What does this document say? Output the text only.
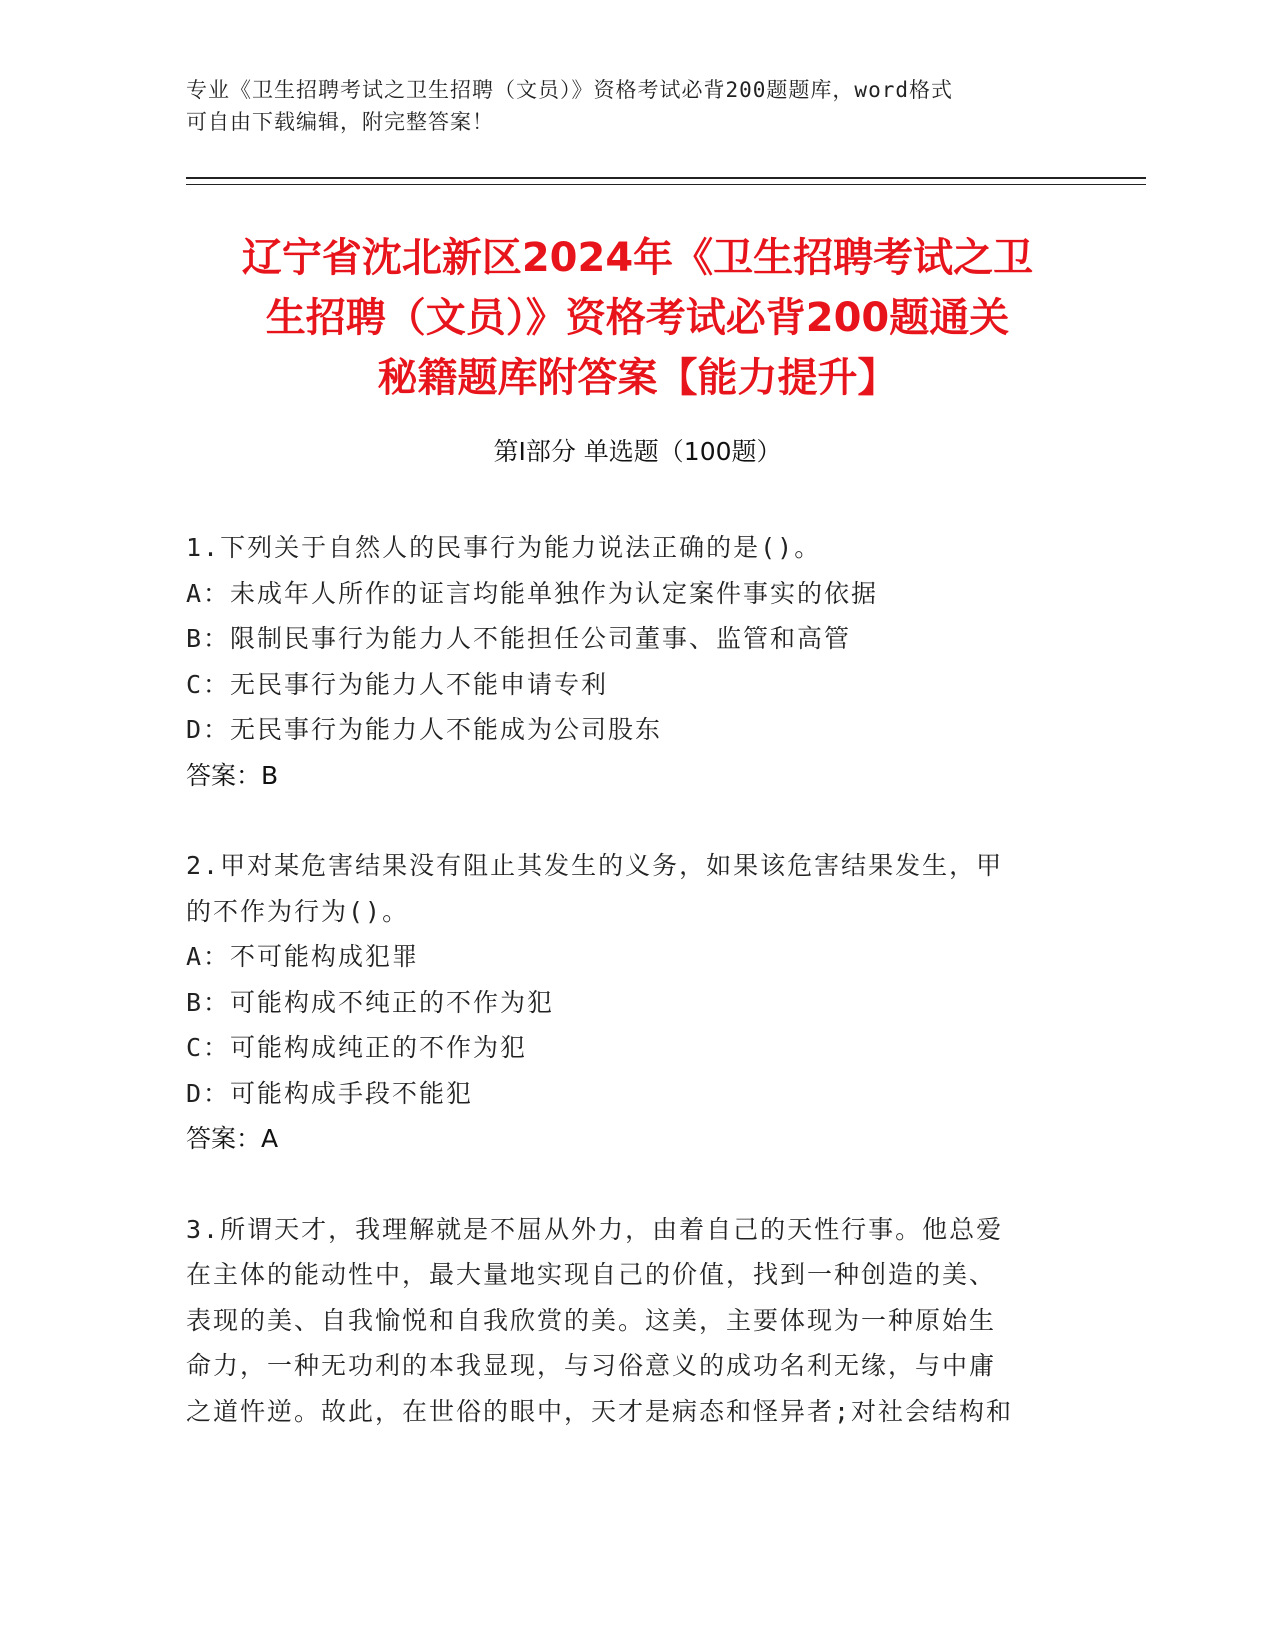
专业《卫生招聘考试之卫生招聘（文员）》资格考试必背200题题库，word格式
可自由下载编辑，附完整答案！
辽宁省沈北新区2024年《卫生招聘考试之卫
生招聘（文员）》资格考试必背200题通关
秘籍题库附答案【能力提升】
第I部分 单选题（100题）
1.下列关于自然人的民事行为能力说法正确的是()。
A：未成年人所作的证言均能单独作为认定案件事实的依据
B：限制民事行为能力人不能担任公司董事、监管和高管
C：无民事行为能力人不能申请专利
D：无民事行为能力人不能成为公司股东
答案：B
2.甲对某危害结果没有阻止其发生的义务，如果该危害结果发生，甲
的不作为行为()。
A：不可能构成犯罪
B：可能构成不纯正的不作为犯
C：可能构成纯正的不作为犯
D：可能构成手段不能犯
答案：A
3.所谓天才，我理解就是不屈从外力，由着自己的天性行事。他总爱
在主体的能动性中，最大量地实现自己的价值，找到一种创造的美、
表现的美、自我愉悦和自我欣赏的美。这美，主要体现为一种原始生
命力，一种无功利的本我显现，与习俗意义的成功名利无缘，与中庸
之道忤逆。故此，在世俗的眼中，天才是病态和怪异者;对社会结构和
